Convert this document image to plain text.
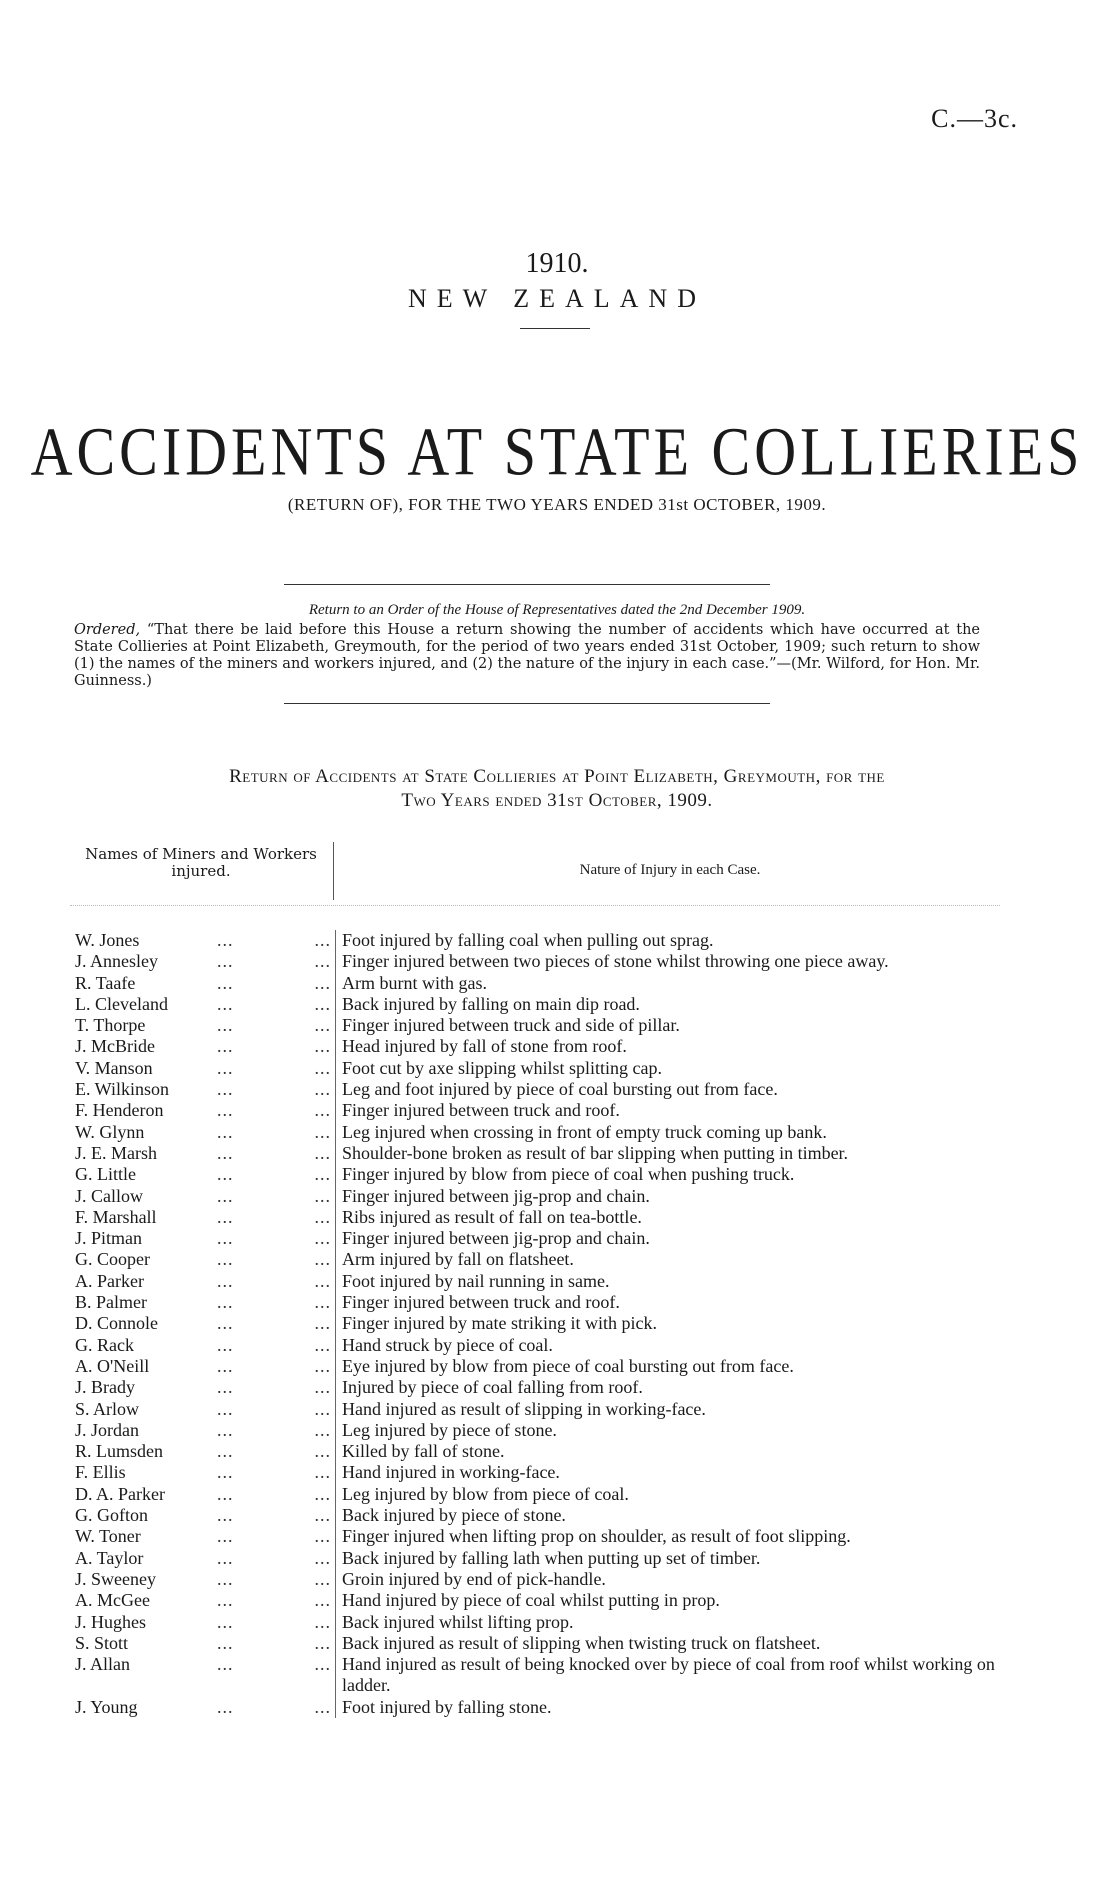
C.—3c.
1910.
NEW ZEALAND
ACCIDENTS AT STATE COLLIERIES
(RETURN OF), FOR THE TWO YEARS ENDED 31st OCTOBER, 1909.
Return to an Order of the House of Representatives dated the 2nd December 1909.
Ordered, “That there be laid before this House a return showing the number of accidents which have occurred at the State Collieries at Point Elizabeth, Greymouth, for the period of two years ended 31st October, 1909; such return to show (1) the names of the miners and workers injured, and (2) the nature of the injury in each case.”—(Mr. Wilford, for Hon. Mr. Guinness.)
Return of Accidents at State Collieries at Point Elizabeth, Greymouth, for the
Two Years ended 31st October, 1909.
Names of Miners and Workers injured.	Nature of Injury in each Case.
W. Jones	...	... Foot injured by falling coal when pulling out sprag.
J. Annesley	...	... Finger injured between two pieces of stone whilst throwing one piece away.
R. Taafe	...	... Arm burnt with gas.
L. Cleveland	...	... Back injured by falling on main dip road.
T. Thorpe	...	... Finger injured between truck and side of pillar.
J. McBride	...	... Head injured by fall of stone from roof.
V. Manson	...	... Foot cut by axe slipping whilst splitting cap.
E. Wilkinson	...	... Leg and foot injured by piece of coal bursting out from face.
F. Henderon	...	... Finger injured between truck and roof.
W. Glynn	...	... Leg injured when crossing in front of empty truck coming up bank.
J. E. Marsh	...	... Shoulder-bone broken as result of bar slipping when putting in timber.
G. Little	...	... Finger injured by blow from piece of coal when pushing truck.
J. Callow	...	... Finger injured between jig-prop and chain.
F. Marshall	...	... Ribs injured as result of fall on tea-bottle.
J. Pitman	...	... Finger injured between jig-prop and chain.
G. Cooper	...	... Arm injured by fall on flatsheet.
A. Parker	...	... Foot injured by nail running in same.
B. Palmer	...	... Finger injured between truck and roof.
D. Connole	...	... Finger injured by mate striking it with pick.
G. Rack	...	... Hand struck by piece of coal.
A. O'Neill	...	... Eye injured by blow from piece of coal bursting out from face.
J. Brady	...	... Injured by piece of coal falling from roof.
S. Arlow	...	... Hand injured as result of slipping in working-face.
J. Jordan	...	... Leg injured by piece of stone.
R. Lumsden	...	... Killed by fall of stone.
F. Ellis	...	... Hand injured in working-face.
D. A. Parker	...	... Leg injured by blow from piece of coal.
G. Gofton	...	... Back injured by piece of stone.
W. Toner	...	... Finger injured when lifting prop on shoulder, as result of foot slipping.
A. Taylor	...	... Back injured by falling lath when putting up set of timber.
J. Sweeney	...	... Groin injured by end of pick-handle.
A. McGee	...	... Hand injured by piece of coal whilst putting in prop.
J. Hughes	...	... Back injured whilst lifting prop.
S. Stott	...	... Back injured as result of slipping when twisting truck on flatsheet.
J. Allan	...	... Hand injured as result of being knocked over by piece of coal from roof whilst working on ladder.
J. Young	...	... Foot injured by falling stone.
